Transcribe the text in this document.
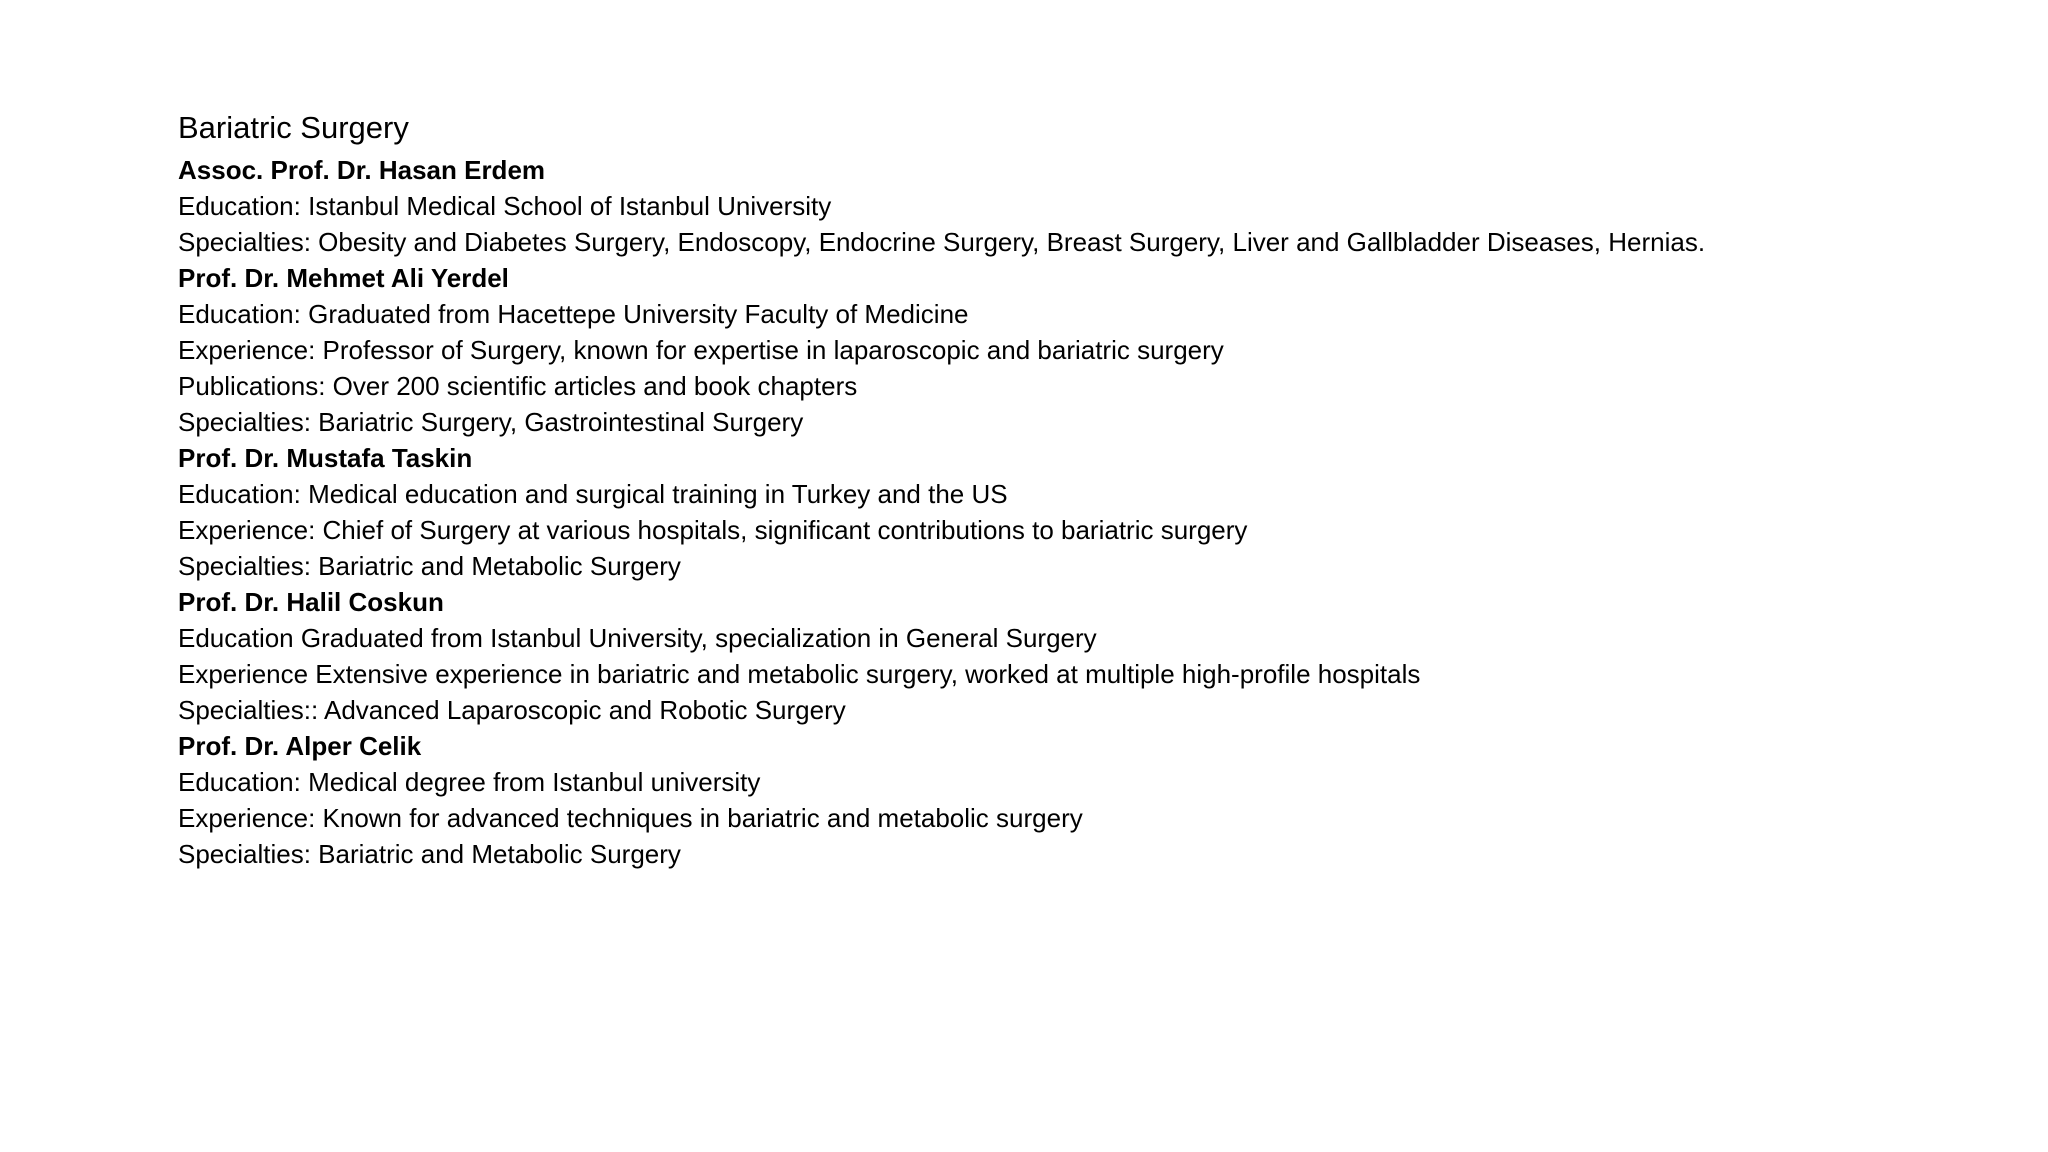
Bariatric Surgery

Assoc. Prof. Dr. Hasan Erdem

Education: Istanbul Medical School of Istanbul University

Specialties: Obesity and Diabetes Surgery, Endoscopy, Endocrine Surgery, Breast Surgery, Liver and Gallbladder Diseases, Hernias.

Prof. Dr. Mehmet Ali Yerdel

Education: Graduated from Hacettepe University Faculty of Medicine

Experience: Professor of Surgery, known for expertise in laparoscopic and bariatric surgery

Publications: Over 200 scientific articles and book chapters

Specialties: Bariatric Surgery, Gastrointestinal Surgery

Prof. Dr. Mustafa Taskin

Education: Medical education and surgical training in Turkey and the US

Experience: Chief of Surgery at various hospitals, significant contributions to bariatric surgery

Specialties: Bariatric and Metabolic Surgery

Prof. Dr. Halil Coskun

Education Graduated from Istanbul University, specialization in General Surgery

Experience Extensive experience in bariatric and metabolic surgery, worked at multiple high-profile hospitals

Specialties:: Advanced Laparoscopic and Robotic Surgery

Prof. Dr. Alper Celik

Education: Medical degree from Istanbul university

Experience: Known for advanced techniques in bariatric and metabolic surgery

Specialties: Bariatric and Metabolic Surgery
